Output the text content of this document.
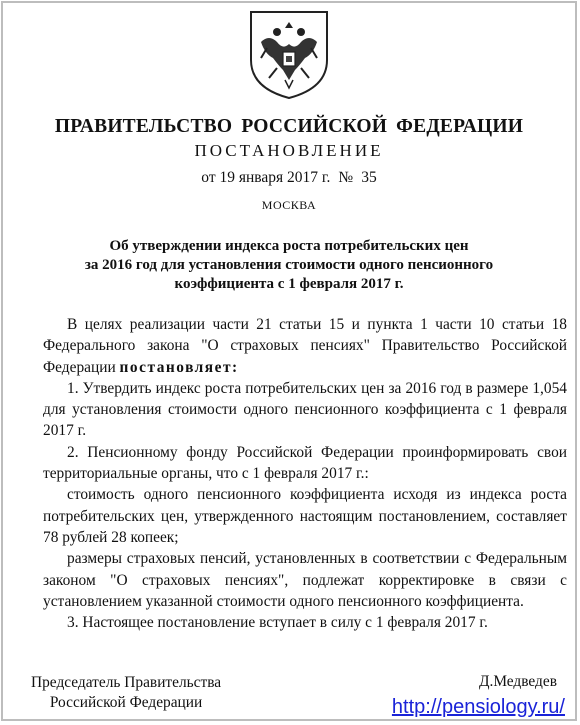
ПРАВИТЕЛЬСТВО РОССИЙСКОЙ ФЕДЕРАЦИИ
ПОСТАНОВЛЕНИЕ
от 19 января 2017 г. № 35
МОСКВА
Об утверждении индекса роста потребительских цен
за 2016 год для установления стоимости одного пенсионного
коэффициента с 1 февраля 2017 г.

В целях реализации части 21 статьи 15 и пункта 1 части 10 статьи 18 Федерального закона "О страховых пенсиях" Правительство Российской Федерации постановляет:

1. Утвердить индекс роста потребительских цен за 2016 год в размере 1,054 для установления стоимости одного пенсионного коэффициента с 1 февраля 2017 г.

2. Пенсионному фонду Российской Федерации проинформировать свои территориальные органы, что с 1 февраля 2017 г.:

стоимость одного пенсионного коэффициента исходя из индекса роста потребительских цен, утвержденного настоящим постановлением, составляет 78 рублей 28 копеек;

размеры страховых пенсий, установленных в соответствии с Федеральным законом "О страховых пенсиях", подлежат корректировке в связи с установлением указанной стоимости одного пенсионного коэффициента.

3. Настоящее постановление вступает в силу с 1 февраля 2017 г.

Председатель Правительства
Российской Федерации
Д.Медведев
http://pensiology.ru/
